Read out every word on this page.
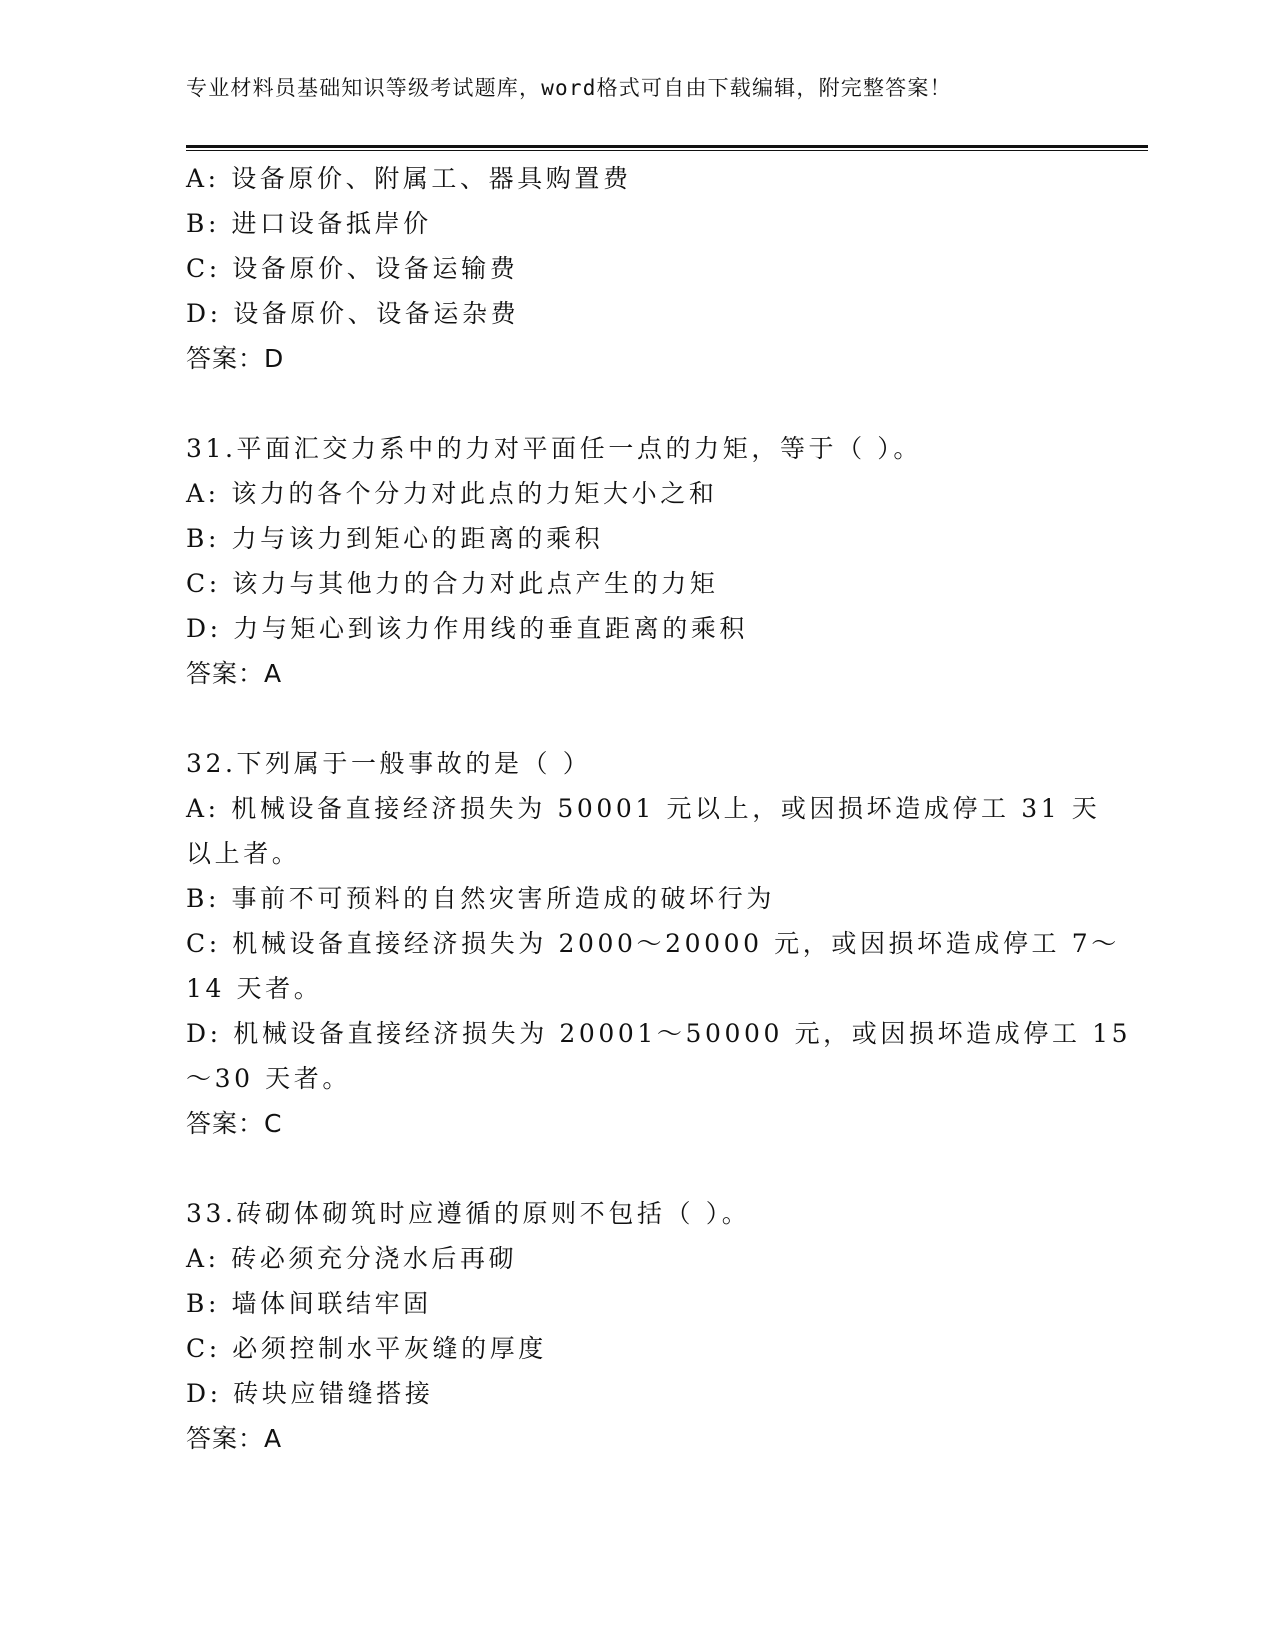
专业材料员基础知识等级考试题库，word格式可自由下载编辑，附完整答案！
A: 设备原价、附属工、器具购置费
B: 进口设备抵岸价
C: 设备原价、设备运输费
D: 设备原价、设备运杂费
答案：D
31.平面汇交力系中的力对平面任一点的力矩，等于（ ）。
A: 该力的各个分力对此点的力矩大小之和
B: 力与该力到矩心的距离的乘积
C: 该力与其他力的合力对此点产生的力矩
D: 力与矩心到该力作用线的垂直距离的乘积
答案：A
32.下列属于一般事故的是（ ）
A: 机械设备直接经济损失为 50001 元以上，或因损坏造成停工 31 天
以上者。
B: 事前不可预料的自然灾害所造成的破坏行为
C: 机械设备直接经济损失为 2000～20000 元，或因损坏造成停工 7～
14 天者。
D: 机械设备直接经济损失为 20001～50000 元，或因损坏造成停工 15
～30 天者。
答案：C
33.砖砌体砌筑时应遵循的原则不包括（ ）。
A: 砖必须充分浇水后再砌
B: 墙体间联结牢固
C: 必须控制水平灰缝的厚度
D: 砖块应错缝搭接
答案：A
